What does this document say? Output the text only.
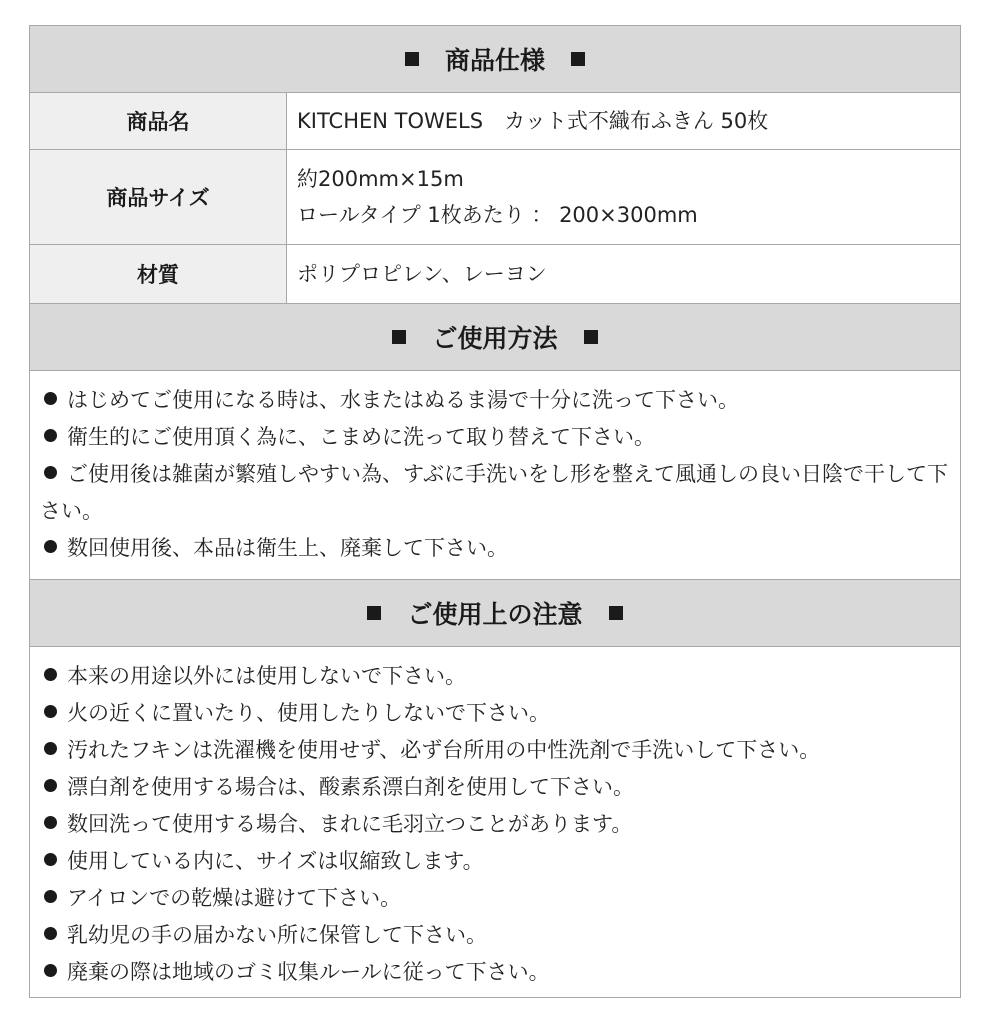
商品仕様
商品名	KITCHEN TOWELS　カット式不織布ふきん 50枚
商品サイズ
約200mm×15m
ロールタイプ 1枚あたり ： 200×300mm
材質	ポリプロピレン、レーヨン
ご使用方法

はじめてご使用になる時は、水またはぬるま湯で十分に洗って下さい。

衛生的にご使用頂く為に、こまめに洗って取り替えて下さい。

ご使用後は雑菌が繁殖しやすい為、すぶに手洗いをし形を整えて風通しの良い日陰で干して下さい。

数回使用後、本品は衛生上、廃棄して下さい。

ご使用上の注意

本来の用途以外には使用しないで下さい。

火の近くに置いたり、使用したりしないで下さい。

汚れたフキンは洗濯機を使用せず、必ず台所用の中性洗剤で手洗いして下さい。

漂白剤を使用する場合は、酸素系漂白剤を使用して下さい。

数回洗って使用する場合、まれに毛羽立つことがあります。

使用している内に、サイズは収縮致します。

アイロンでの乾燥は避けて下さい。

乳幼児の手の届かない所に保管して下さい。

廃棄の際は地域のゴミ収集ルールに従って下さい。
